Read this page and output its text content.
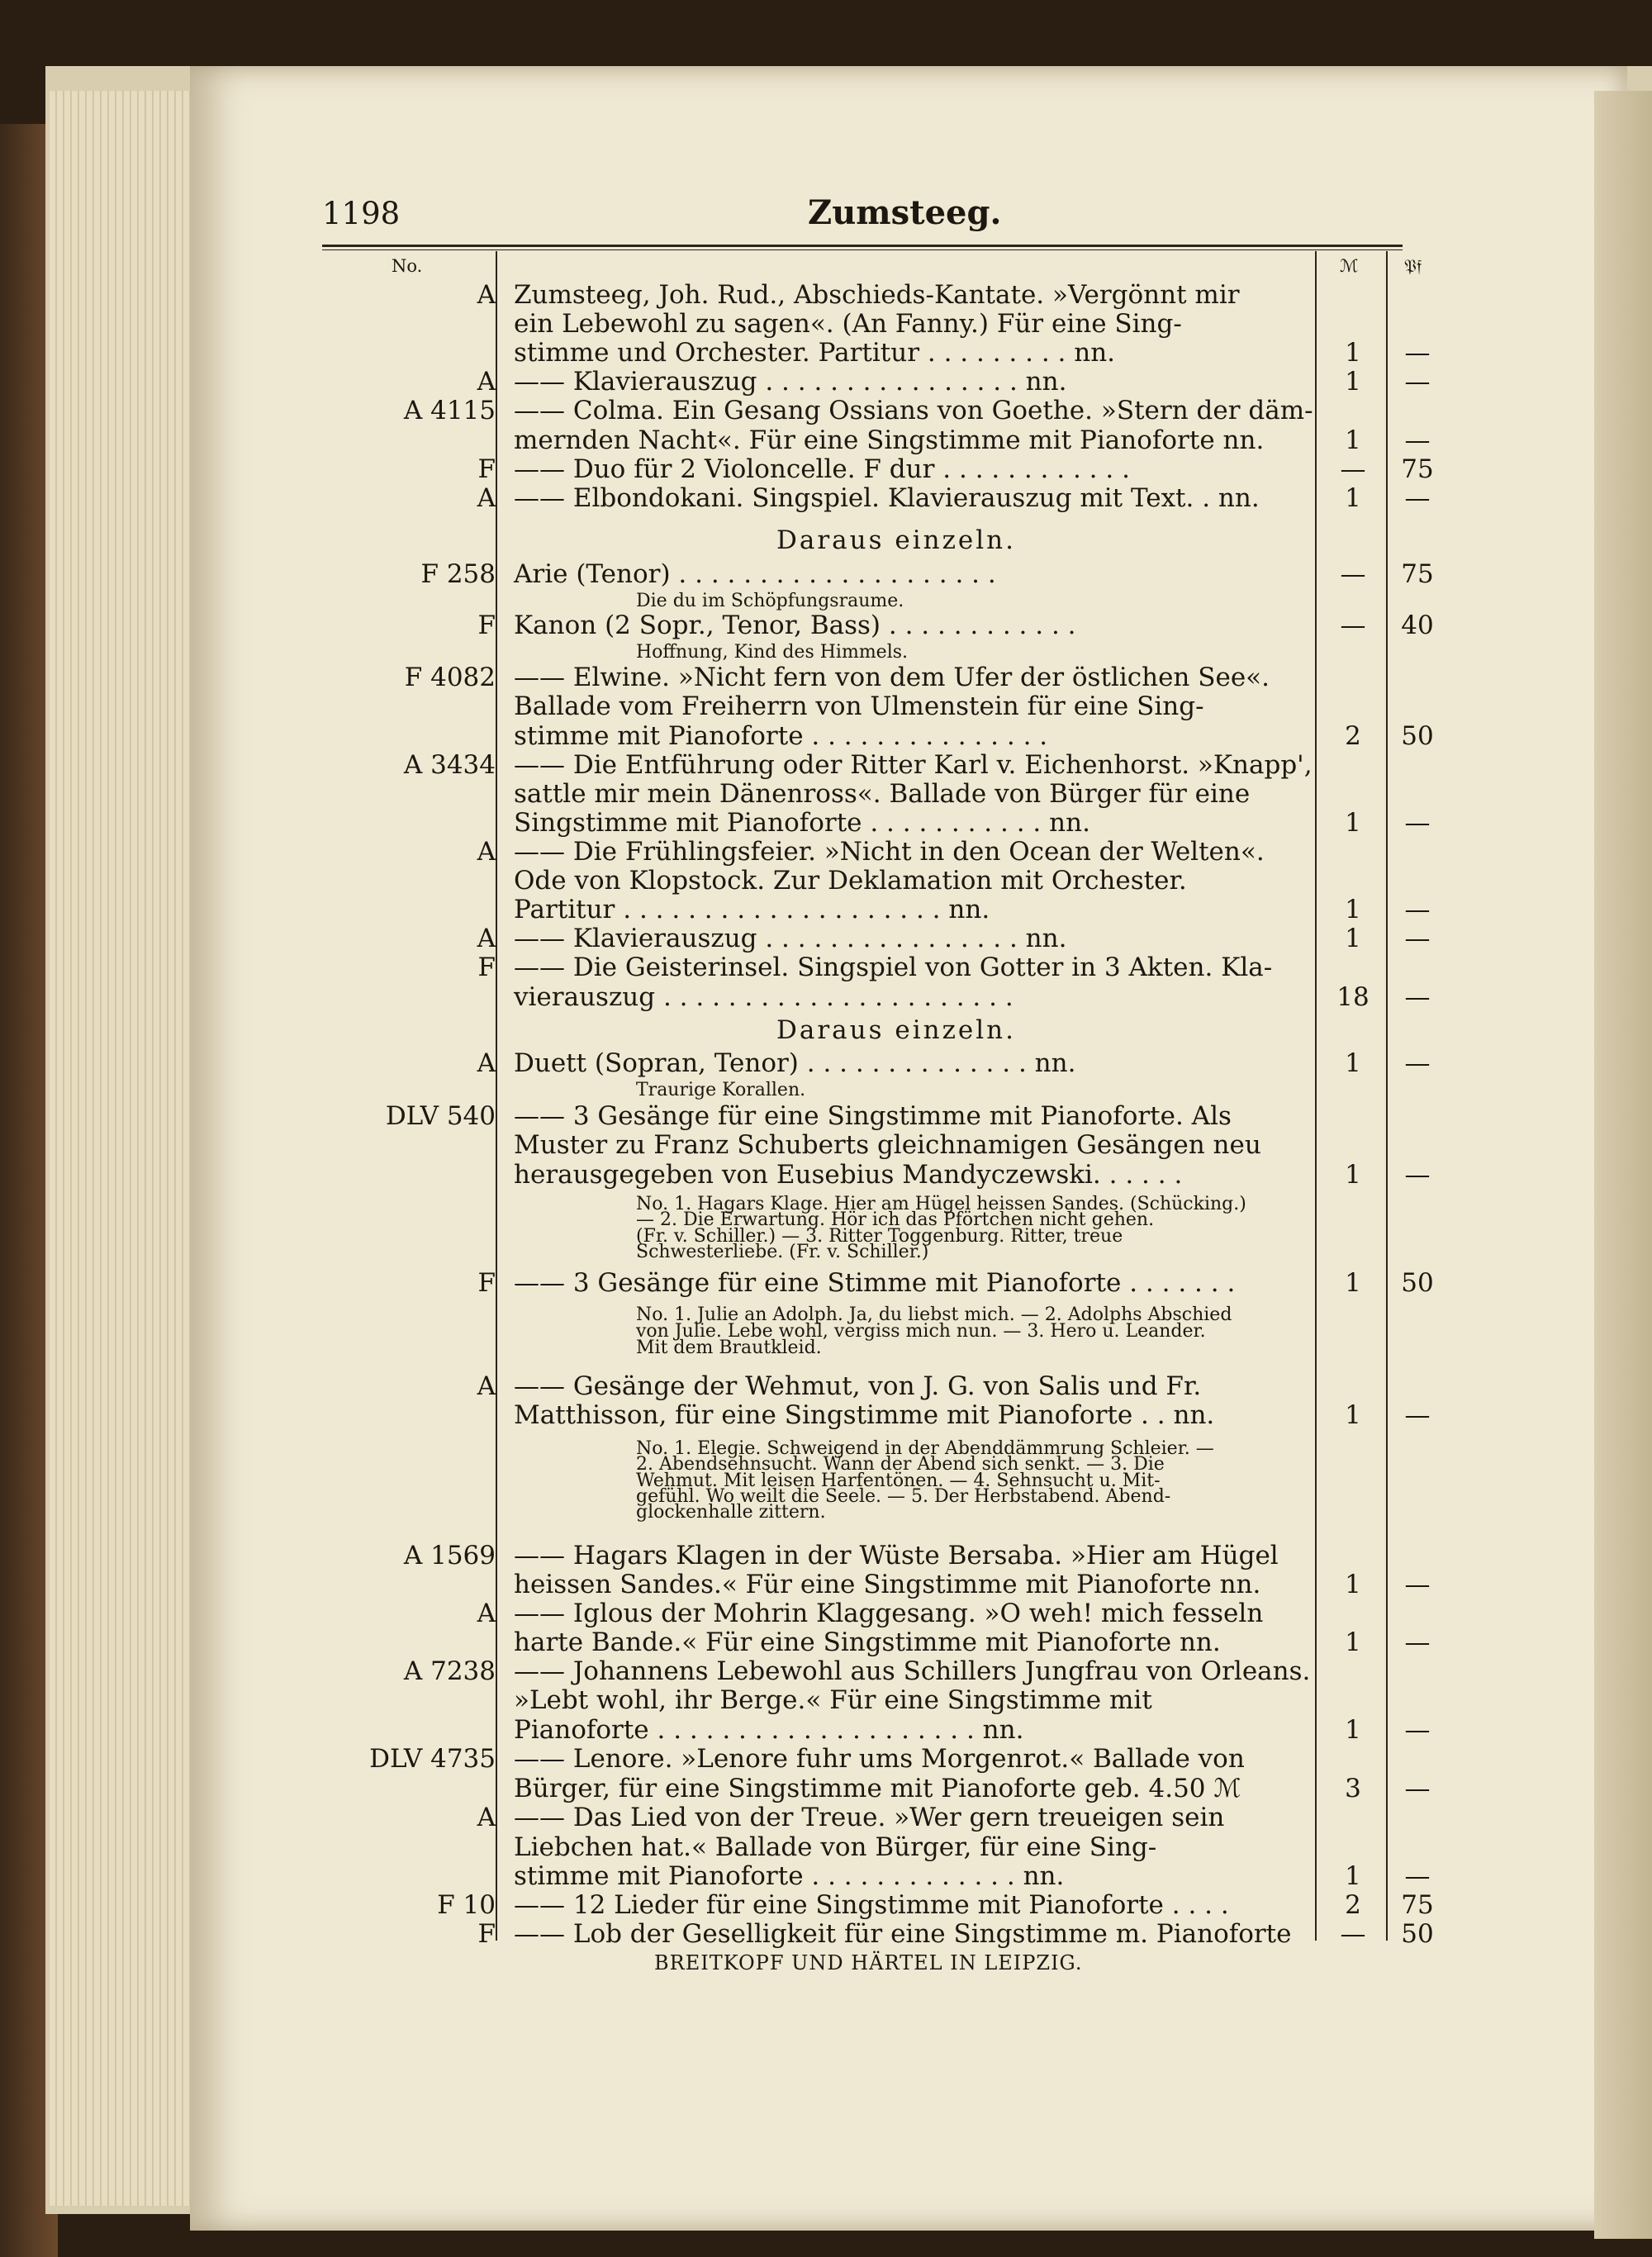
1198	Zumsteeg.
No.	ℳ	𝔓𝔣
A Zumsteeg, Joh. Rud., Abschieds-Kantate. »Vergönnt mir
ein Lebewohl zu sagen«. (An Fanny.) Für eine Sing-
stimme und Orchester. Partitur . . . . . . . . . nn.	1	—
A —— Klavierauszug . . . . . . . . . . . . . . . . nn.	1	—
A 4115 —— Colma. Ein Gesang Ossians von Goethe. »Stern der däm-
mernden Nacht«. Für eine Singstimme mit Pianoforte nn.	1	—
F —— Duo für 2 Violoncelle. F dur . . . . . . . . . . . .	—	75
A —— Elbondokani. Singspiel. Klavierauszug mit Text. . nn.	1	—
Daraus einzeln.
F 258 Arie (Tenor) . . . . . . . . . . . . . . . . . . . .	—	75
Die du im Schöpfungsraume.
F Kanon (2 Sopr., Tenor, Bass) . . . . . . . . . . . .	—	40
Hoffnung, Kind des Himmels.
F 4082 —— Elwine. »Nicht fern von dem Ufer der östlichen See«.
Ballade vom Freiherrn von Ulmenstein für eine Sing-
stimme mit Pianoforte . . . . . . . . . . . . . . .	2	50
A 3434 —— Die Entführung oder Ritter Karl v. Eichenhorst. »Knapp',
sattle mir mein Dänenross«. Ballade von Bürger für eine
Singstimme mit Pianoforte . . . . . . . . . . . nn.	1	—
A —— Die Frühlingsfeier. »Nicht in den Ocean der Welten«.
Ode von Klopstock. Zur Deklamation mit Orchester.
Partitur . . . . . . . . . . . . . . . . . . . . nn.	1	—
A —— Klavierauszug . . . . . . . . . . . . . . . . nn.	1	—
F —— Die Geisterinsel. Singspiel von Gotter in 3 Akten. Kla-
vierauszug . . . . . . . . . . . . . . . . . . . . . .	18	—
Daraus einzeln.
A Duett (Sopran, Tenor) . . . . . . . . . . . . . . nn.	1	—
Traurige Korallen.
DLV 540 —— 3 Gesänge für eine Singstimme mit Pianoforte. Als
Muster zu Franz Schuberts gleichnamigen Gesängen neu
herausgegeben von Eusebius Mandyczewski. . . . . .	1	—
No. 1. Hagars Klage. Hier am Hügel heissen Sandes. (Schücking.)
— 2. Die Erwartung. Hör ich das Pförtchen nicht gehen.
(Fr. v. Schiller.) — 3. Ritter Toggenburg. Ritter, treue
Schwesterliebe. (Fr. v. Schiller.)
F —— 3 Gesänge für eine Stimme mit Pianoforte . . . . . . .	1	50
No. 1. Julie an Adolph. Ja, du liebst mich. — 2. Adolphs Abschied
von Julie. Lebe wohl, vergiss mich nun. — 3. Hero u. Leander.
Mit dem Brautkleid.
A —— Gesänge der Wehmut, von J. G. von Salis und Fr.
Matthisson, für eine Singstimme mit Pianoforte . . nn.	1	—
No. 1. Elegie. Schweigend in der Abenddämmrung Schleier. —
2. Abendsehnsucht. Wann der Abend sich senkt. — 3. Die
Wehmut. Mit leisen Harfentönen. — 4. Sehnsucht u. Mit-
gefühl. Wo weilt die Seele. — 5. Der Herbstabend. Abend-
glockenhalle zittern.
A 1569 —— Hagars Klagen in der Wüste Bersaba. »Hier am Hügel
heissen Sandes.« Für eine Singstimme mit Pianoforte nn.	1	—
A —— Iglous der Mohrin Klaggesang. »O weh! mich fesseln
harte Bande.« Für eine Singstimme mit Pianoforte nn.	1	—
A 7238 —— Johannens Lebewohl aus Schillers Jungfrau von Orleans.
»Lebt wohl, ihr Berge.« Für eine Singstimme mit
Pianoforte . . . . . . . . . . . . . . . . . . . . nn.	1	—
DLV 4735 —— Lenore. »Lenore fuhr ums Morgenrot.« Ballade von
Bürger, für eine Singstimme mit Pianoforte geb. 4.50 ℳ	3	—
A —— Das Lied von der Treue. »Wer gern treueigen sein
Liebchen hat.« Ballade von Bürger, für eine Sing-
stimme mit Pianoforte . . . . . . . . . . . . . nn.	1	—
F 10 —— 12 Lieder für eine Singstimme mit Pianoforte . . . .	2	75
F —— Lob der Geselligkeit für eine Singstimme m. Pianoforte	—	50
BREITKOPF UND HÄRTEL IN LEIPZIG.
